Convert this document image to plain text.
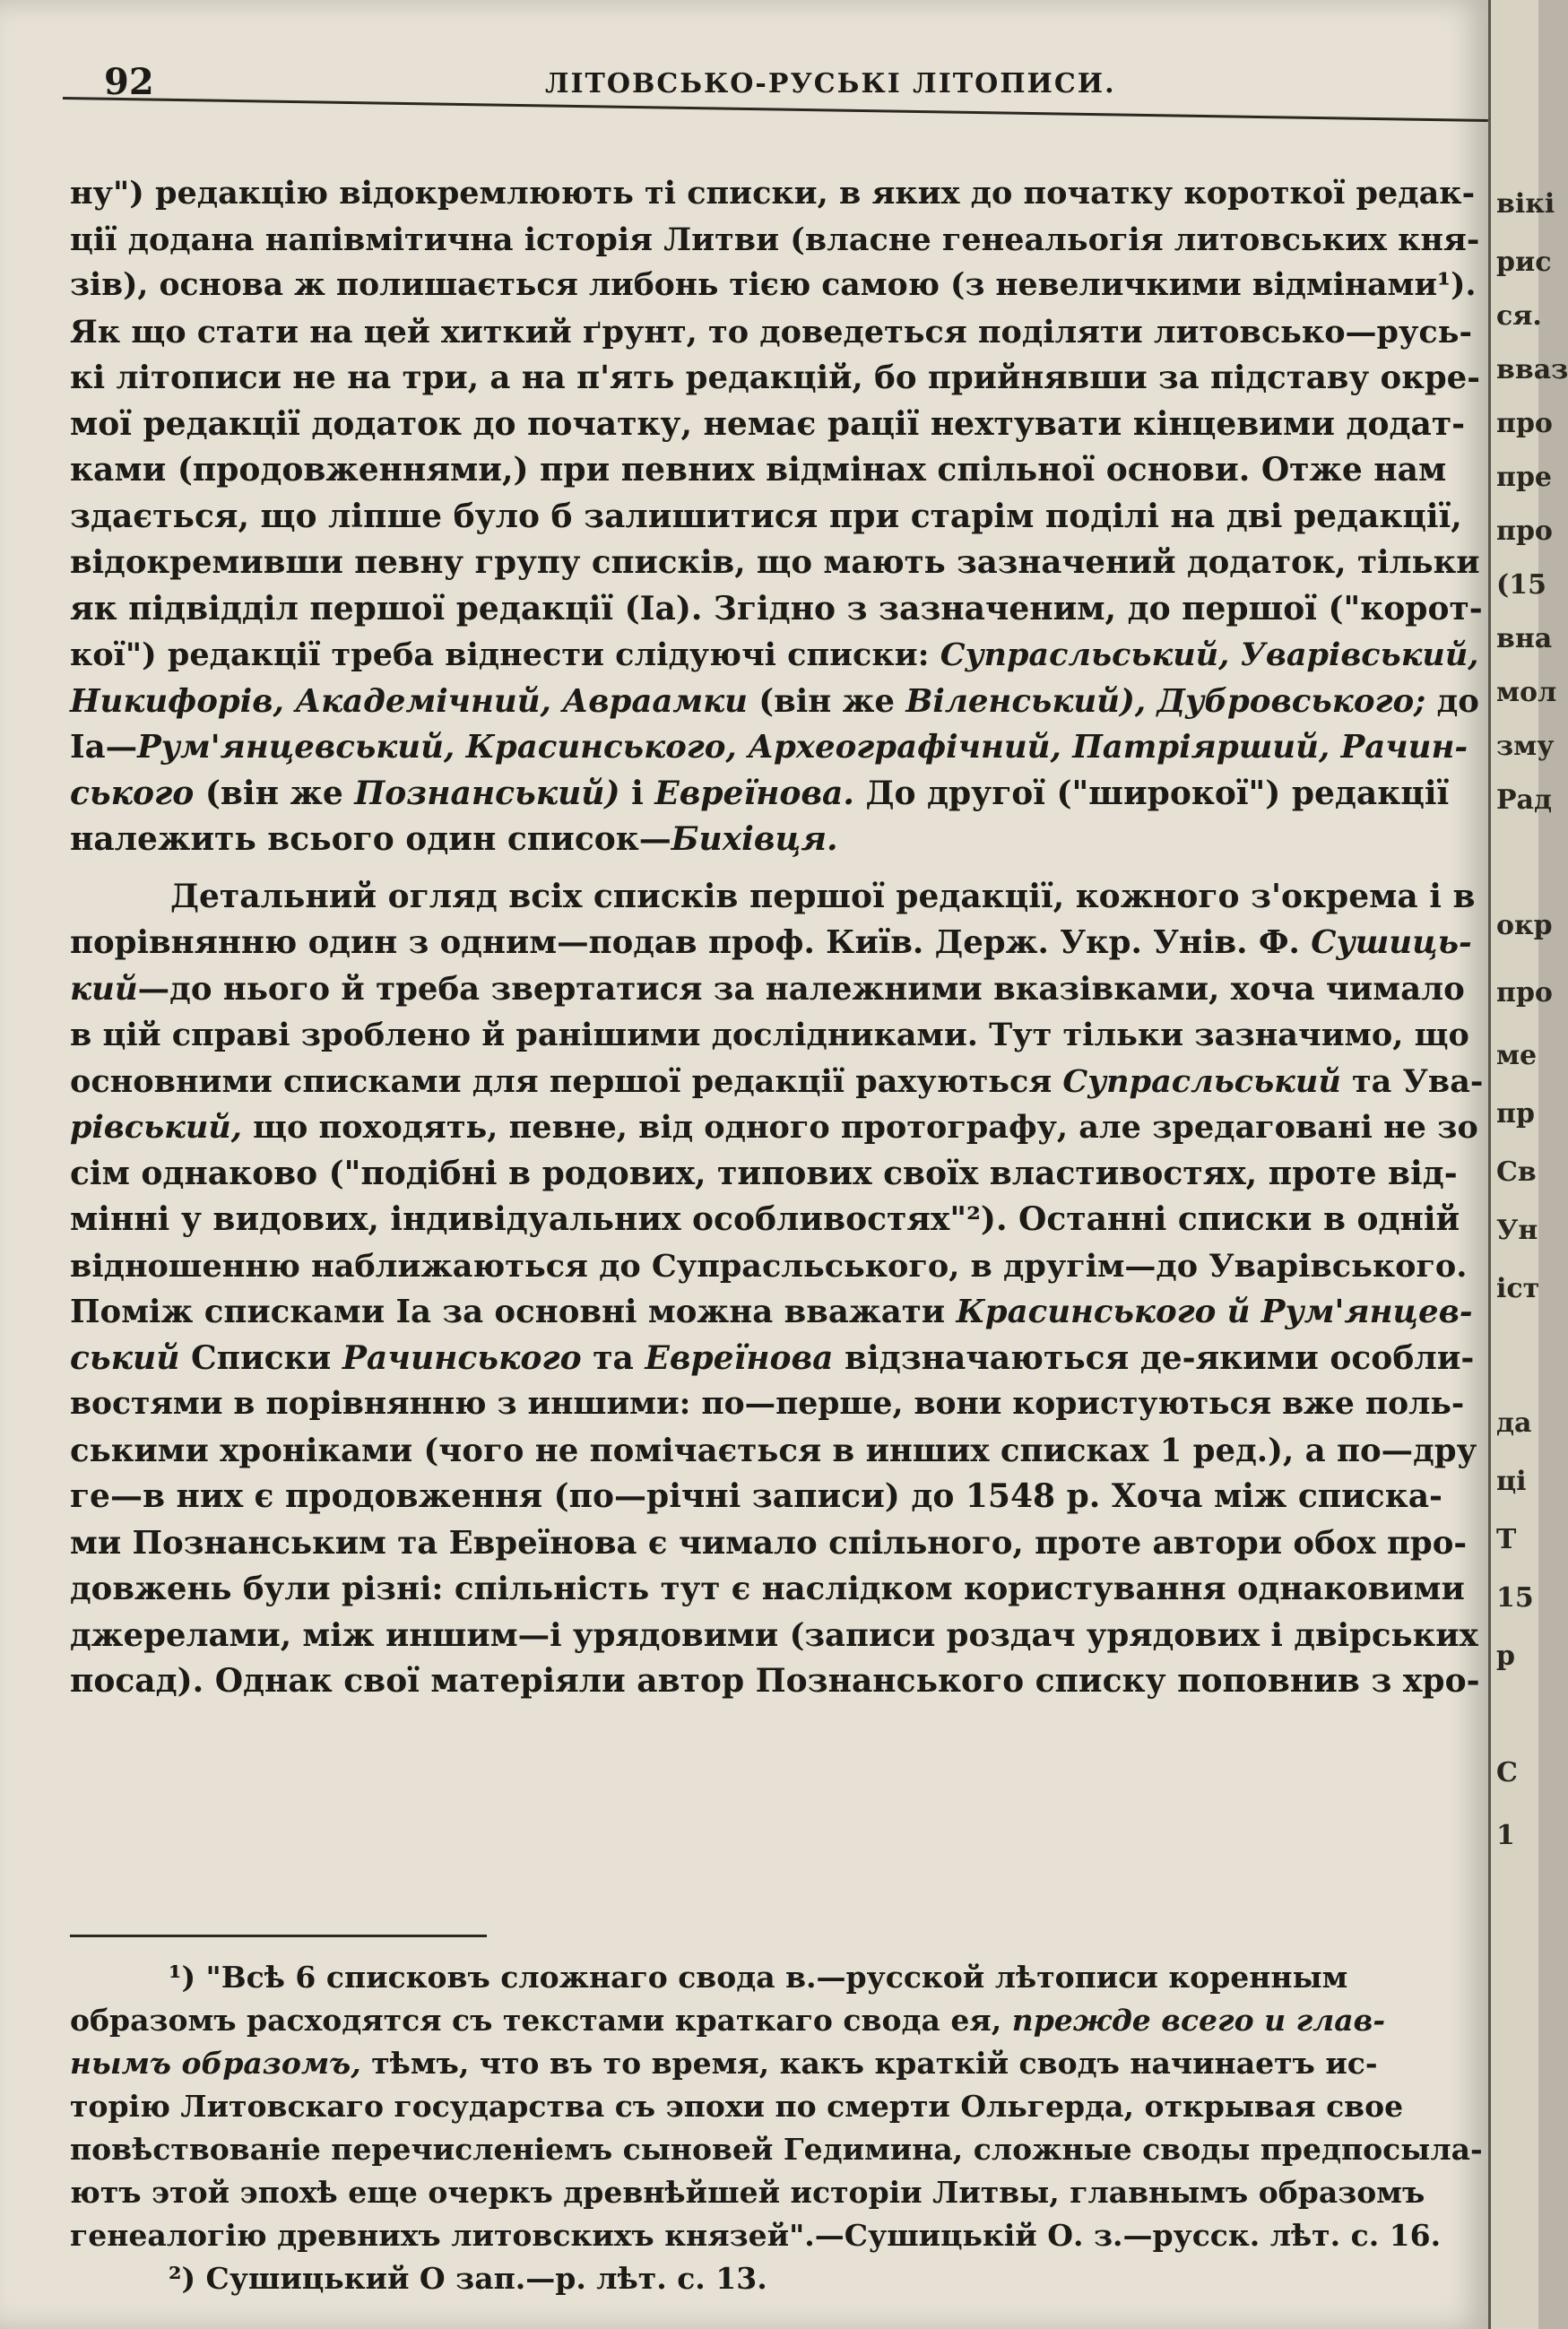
92	ЛІТОВСЬКО-РУСЬКІ ЛІТОПИСИ.
ну") редакцію відокремлюють ті списки, в яких до початку короткої редак-
ції додана напівмітична історія Литви (власне генеальогія литовських кня-
зів), основа ж полишається либонь тією самою (з невеличкими відмінами¹).
Як що стати на цей хиткий ґрунт, то доведеться поділяти литовсько—русь-
кі літописи не на три, а на п'ять редакцій, бо прийнявши за підставу окре-
мої редакції додаток до початку, немає рації нехтувати кінцевими додат-
ками (продовженнями,) при певних відмінах спільної основи. Отже нам
здається, що лiпше було б залишитися при старім поділі на дві редакції,
відокремивши певну групу списків, що мають зазначений додаток, тільки
як підвідділ першої редакції (Іа). Згідно з зазначеним, до першої ("корот-
кої") редакції треба віднести слідуючі списки: Супрасльський, Уварівський,
Никифорів, Академічний, Авраамки (він же Віленський), Дубровського; до
Іа—Рум'янцевський, Красинського, Археографічний, Патріярший, Рачин-
ського (він же Познанський) і Евреїнова. До другої ("широкої") редакції
належить всього один список—Бихівця.
Детальний огляд всіх списків першої редакції, кожного з'окрема і в
порівнянню один з одним—подав проф. Київ. Держ. Укр. Унів. Ф. Сушиць-
кий—до нього й треба звертатися за належними вказівками, хоча чимало
в цій справі зроблено й ранішими дослідниками. Тут тільки зазначимо, що
основними списками для першої редакції рахуються Супрасльський та Ува-
рівський, що походять, певне, від одного протографу, але зредаговані не зо
сім однаково ("подібні в родових, типових своїх властивостях, проте від-
мінні у видових, індивідуальних особливостях"²). Останні списки в одній
відношенню наближаються до Супрасльського, в другім—до Уварівського.
Поміж списками Іа за основні можна вважати Красинського й Рум'янцев-
ський Списки Рачинського та Евреїнова відзначаються де-якими особли-
востями в порівнянню з иншими: по—перше, вони користуються вже поль-
ськими хроніками (чого не помічається в инших списках 1 ред.), а по—дру
ге—в них є продовження (по—річні записи) до 1548 р. Хоча між списка-
ми Познанським та Евреїнова є чимало спільного, проте автори обох про-
довжень були різні: спільність тут є наслідком користування однаковими
джерелами, між иншим—і урядовими (записи роздач урядових і двірських
посад). Однак свої матеріяли автор Познанського списку поповнив з хро-
¹) "Всѣ 6 списковъ сложнаго свода в.—русской лѣтописи коренным
образомъ расходятся съ текстами краткаго свода ея, прежде всего и глав-
нымъ образомъ, тѣмъ, что въ то время, какъ краткій сводъ начинаетъ ис-
торію Литовскаго государства съ эпохи по смерти Ольгерда, открывая свое
повѣствованіе перечисленіемъ сыновей Гедимина, сложные своды предпосыла-
ютъ этой эпохѣ еще очеркъ древнѣйшей исторіи Литвы, главнымъ образомъ
генеалогію древнихъ литовскихъ князей".—Сушицькій О. з.—русск. лѣт. с. 16.
²) Сушицький О зап.—р. лѣт. с. 13.
вікі
рис
ся.
вваз
про
пре
про
(15
вна
мол
зму
Рад
окр
про
ме
пр
Св
Ун
іст
да
ці
Т
15
р
С
1
